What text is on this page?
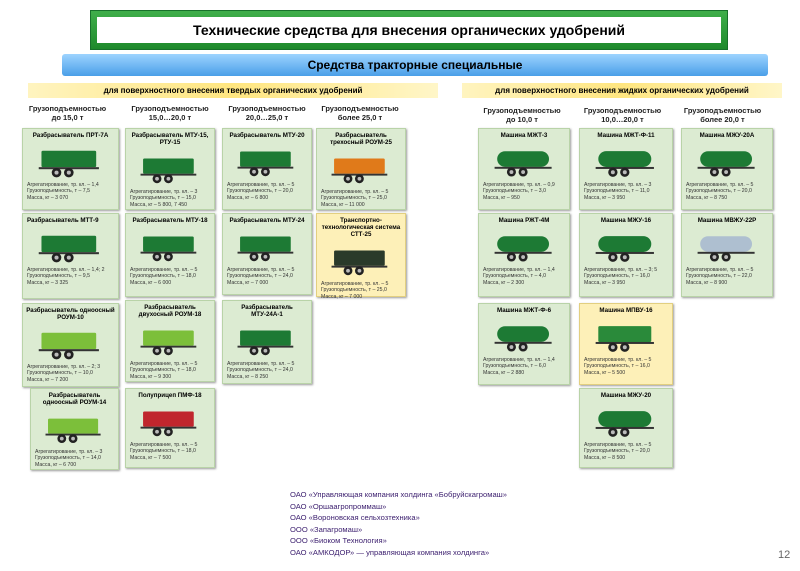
Технические средства для внесения органических удобрений
Средства тракторные специальные
для поверхностного внесения твердых органических удобрений	для поверхностного внесения жидких органических удобрений
Грузоподъемностью
до 15,0 т
Грузоподъемностью
15,0…20,0 т
Грузоподъемностью
20,0…25,0 т
Грузоподъемностью
более 25,0 т
Грузоподъемностью
до 10,0 т
Грузоподъемностью
10,0…20,0 т
Грузоподъемностью
более 20,0 т
Разбрасыватель ПРТ-7А
Агрегатирование, тр. кл. – 1,4
Грузоподъемность, т – 7,5
Масса, кг – 3 070
Разбрасыватель МТТ-9
Агрегатирование, тр. кл. – 1,4; 2
Грузоподъемность, т – 9,5
Масса, кг – 3 325
Разбрасыватель одноосный РОУМ-10
Агрегатирование, тр. кл. – 2; 3
Грузоподъемность, т – 10,0
Масса, кг – 7 200
Разбрасыватель одноосный РОУМ-14
Агрегатирование, тр. кл. – 3
Грузоподъемность, т – 14,0
Масса, кг – 6 700
Разбрасыватель МТУ-15, РТУ-15
Агрегатирование, тр. кл. – 3
Грузоподъемность, т – 15,0
Масса, кг – 5 800, 7 450
Разбрасыватель МТУ-18
Агрегатирование, тр. кл. – 5
Грузоподъемность, т – 18,0
Масса, кг – 6 000
Разбрасыватель двухосный РОУМ-18
Агрегатирование, тр. кл. – 5
Грузоподъемность, т – 18,0
Масса, кг – 9 300
Полуприцеп ПМФ-18
Агрегатирование, тр. кл. – 5
Грузоподъемность, т – 18,0
Масса, кг – 7 500
Разбрасыватель МТУ-20
Агрегатирование, тр. кл. – 5
Грузоподъемность, т – 20,0
Масса, кг – 6 800
Разбрасыватель МТУ-24
Агрегатирование, тр. кл. – 5
Грузоподъемность, т – 24,0
Масса, кг – 7 000
Разбрасыватель МТУ-24А-1
Агрегатирование, тр. кл. – 5
Грузоподъемность, т – 24,0
Масса, кг – 8 250
Разбрасыватель трехосный РОУМ-25
Агрегатирование, тр. кл. – 5
Грузоподъемность, т – 25,0
Масса, кг – 11 000
Транспортно-технологическая система СТТ-25
Агрегатирование, тр. кл. – 5
Грузоподъемность, т – 25,0
Масса, кг – 7 000
Машина МЖТ-3
Агрегатирование, тр. кл. – 0,9
Грузоподъемность, т – 3,0
Масса, кг – 950
Машина РЖТ-4М
Агрегатирование, тр. кл. – 1,4
Грузоподъемность, т – 4,0
Масса, кг – 2 300
Машина МЖТ-Ф-6
Агрегатирование, тр. кл. – 1,4
Грузоподъемность, т – 6,0
Масса, кг – 2 880
Машина МЖТ-Ф-11
Агрегатирование, тр. кл. – 3
Грузоподъемность, т – 11,0
Масса, кг – 3 950
Машина МЖУ-16
Агрегатирование, тр. кл. – 3; 5
Грузоподъемность, т – 16,0
Масса, кг – 3 950
Машина МПВУ-16
Агрегатирование, тр. кл. – 5
Грузоподъемность, т – 16,0
Масса, кг – 5 500
Машина МЖУ-20
Агрегатирование, тр. кл. – 5
Грузоподъемность, т – 20,0
Масса, кг – 8 500
Машина МЖУ-20А
Агрегатирование, тр. кл. – 5
Грузоподъемность, т – 20,0
Масса, кг – 8 750
Машина МВЖУ-22Р
Агрегатирование, тр. кл. – 5
Грузоподъемность, т – 22,0
Масса, кг – 8 900
ОАО «Управляющая компания холдинга «Бобруйскагромаш»
ОАО «Оршаагропроммаш»
ОАО «Вороновская сельхозтехника»
ООО «Запагромаш»
ООО «Биоком Технология»
ОАО «АМКОДОР» — управляющая компания холдинга»	12
